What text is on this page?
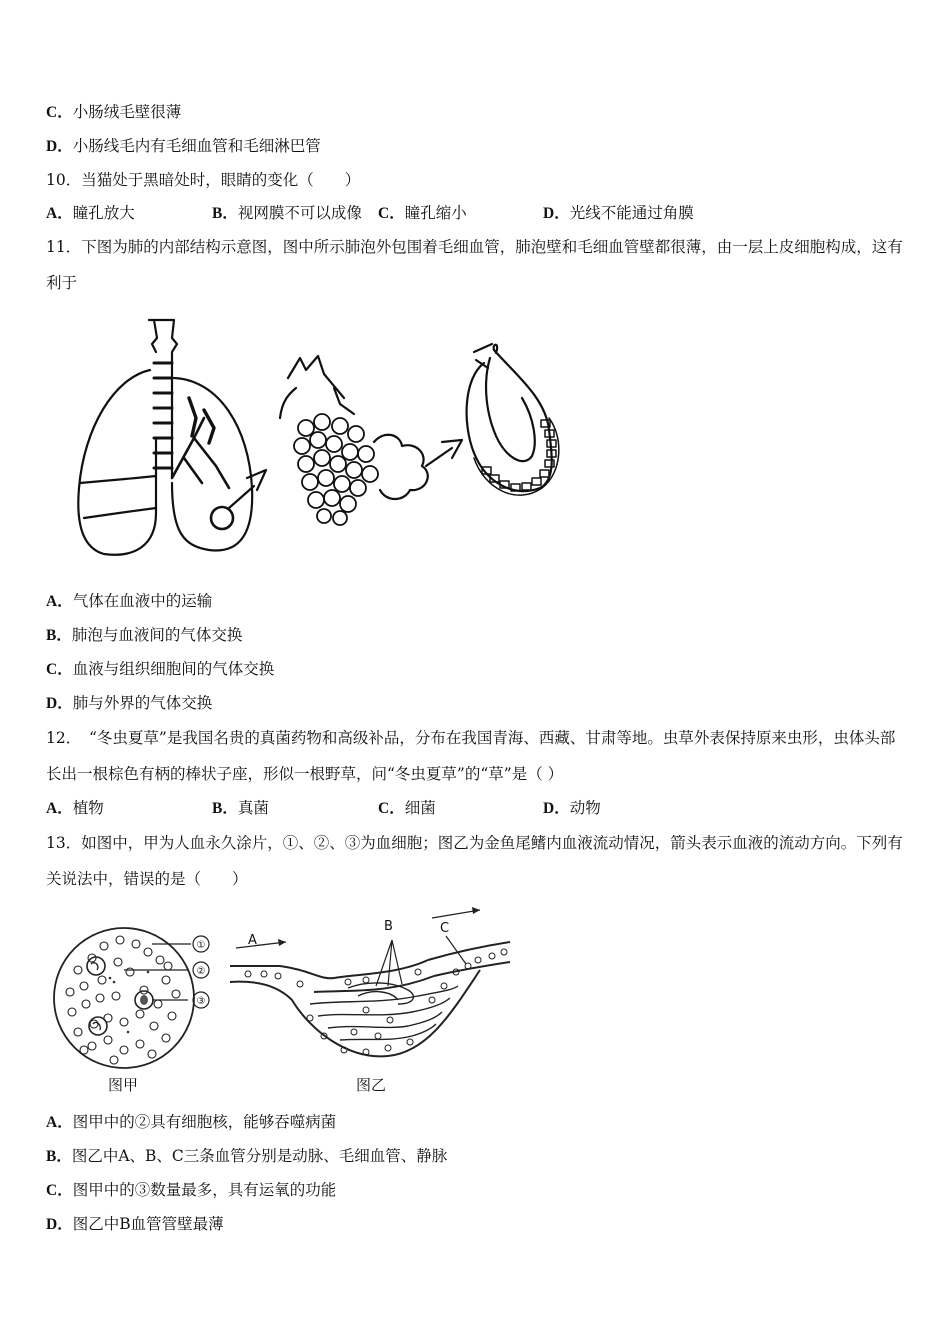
C．小肠绒毛壁很薄
D．小肠线毛内有毛细血管和毛细淋巴管
10．当猫处于黑暗处时，眼睛的变化（　　）
A．瞳孔放大	B．视网膜不可以成像 C．瞳孔缩小	D．光线不能通过角膜
11．下图为肺的内部结构示意图，图中所示肺泡外包围着毛细血管，肺泡壁和毛细血管壁都很薄，由一层上皮细胞构成，这有利于
A．气体在血液中的运输
B．肺泡与血液间的气体交换
C．血液与组织细胞间的气体交换
D．肺与外界的气体交换
12．　“冬虫夏草”是我国名贵的真菌药物和高级补品，分布在我国青海、西藏、甘肃等地。虫草外表保持原来虫形，虫体头部长出一根棕色有柄的棒状子座，形似一根野草，问“冬虫夏草”的“草”是（ ）
A．植物	B．真菌	C．细菌	D．动物
13．如图中，甲为人血永久涂片，①、②、③为血细胞；图乙为金鱼尾鳍内血液流动情况，箭头表示血液的流动方向。下列有关说法中，错误的是（　　）
①
②
③
A
B	C
图甲	图乙
A．图甲中的②具有细胞核，能够吞噬病菌
B．图乙中A、B、C三条血管分别是动脉、毛细血管、静脉
C．图甲中的③数量最多，具有运氧的功能
D．图乙中B血管管壁最薄
